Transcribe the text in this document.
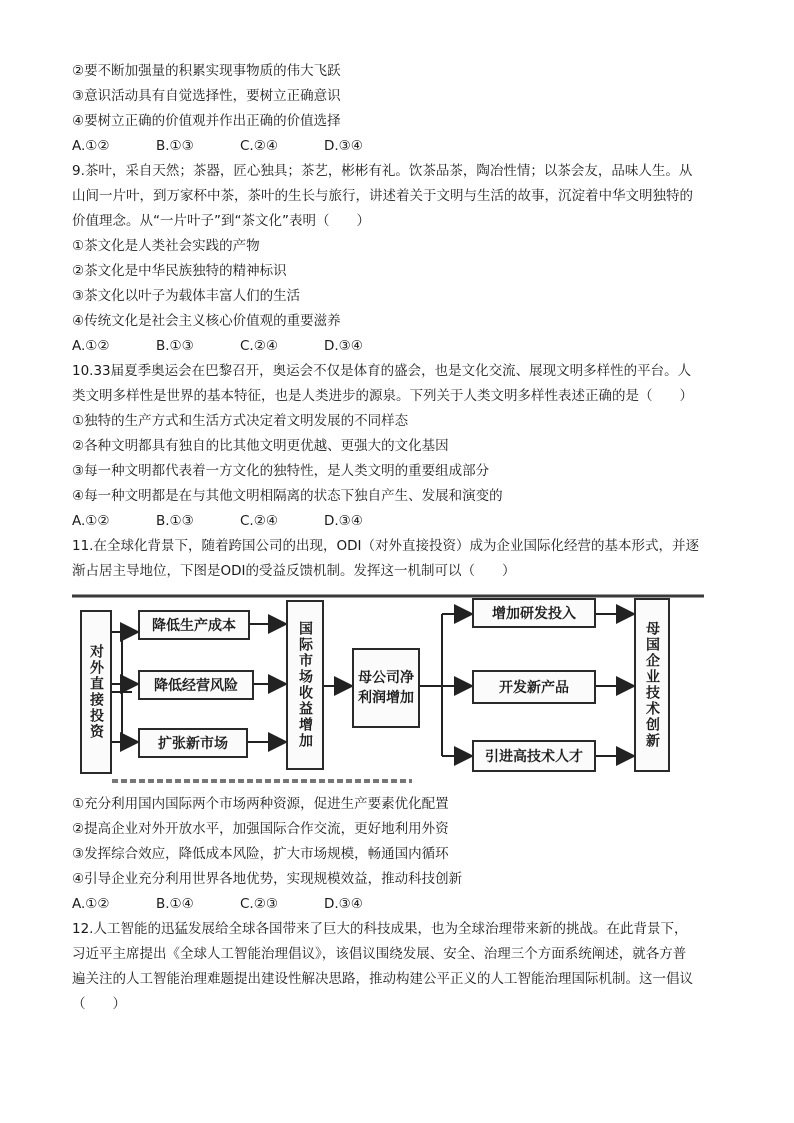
②要不断加强量的积累实现事物质的伟大飞跃
③意识活动具有自觉选择性，要树立正确意识
④要树立正确的价值观并作出正确的价值选择
A.①②	B.①③	C.②④	D.③④
9.茶叶，采自天然；茶器，匠心独具；茶艺，彬彬有礼。饮茶品茶，陶冶性情；以茶会友，品味人生。从
山间一片叶，到万家杯中茶，茶叶的生长与旅行，讲述着关于文明与生活的故事，沉淀着中华文明独特的
价值理念。从“一片叶子”到“茶文化”表明（　　）
①茶文化是人类社会实践的产物
②茶文化是中华民族独特的精神标识
③茶文化以叶子为载体丰富人们的生活
④传统文化是社会主义核心价值观的重要滋养
A.①②	B.①③	C.②④	D.③④
10.33届夏季奥运会在巴黎召开，奥运会不仅是体育的盛会，也是文化交流、展现文明多样性的平台。人
类文明多样性是世界的基本特征，也是人类进步的源泉。下列关于人类文明多样性表述正确的是（　　）
①独特的生产方式和生活方式决定着文明发展的不同样态
②各种文明都具有独自的比其他文明更优越、更强大的文化基因
③每一种文明都代表着一方文化的独特性，是人类文明的重要组成部分
④每一种文明都是在与其他文明相隔离的状态下独自产生、发展和演变的
A.①②	B.①③	C.②④	D.③④
11.在全球化背景下，随着跨国公司的出现，ODI（对外直接投资）成为企业国际化经营的基本形式，并逐
渐占居主导地位，下图是ODI的受益反馈机制。发挥这一机制可以（　　）
对外直接投资
降低生产成本
降低经营风险
扩张新市场	国际市场收益增加	母公司净利润增加
增加研发投入
开发新产品
引进高技术人才
母国企业技术创新
①充分利用国内国际两个市场两种资源，促进生产要素优化配置
②提高企业对外开放水平，加强国际合作交流，更好地利用外资
③发挥综合效应，降低成本风险，扩大市场规模，畅通国内循环
④引导企业充分利用世界各地优势，实现规模效益，推动科技创新
A.①②	B.①④	C.②③	D.③④
12.人工智能的迅猛发展给全球各国带来了巨大的科技成果，也为全球治理带来新的挑战。在此背景下，
习近平主席提出《全球人工智能治理倡议》，该倡议围绕发展、安全、治理三个方面系统阐述，就各方普
遍关注的人工智能治理难题提出建设性解决思路，推动构建公平正义的人工智能治理国际机制。这一倡议
（　　）
